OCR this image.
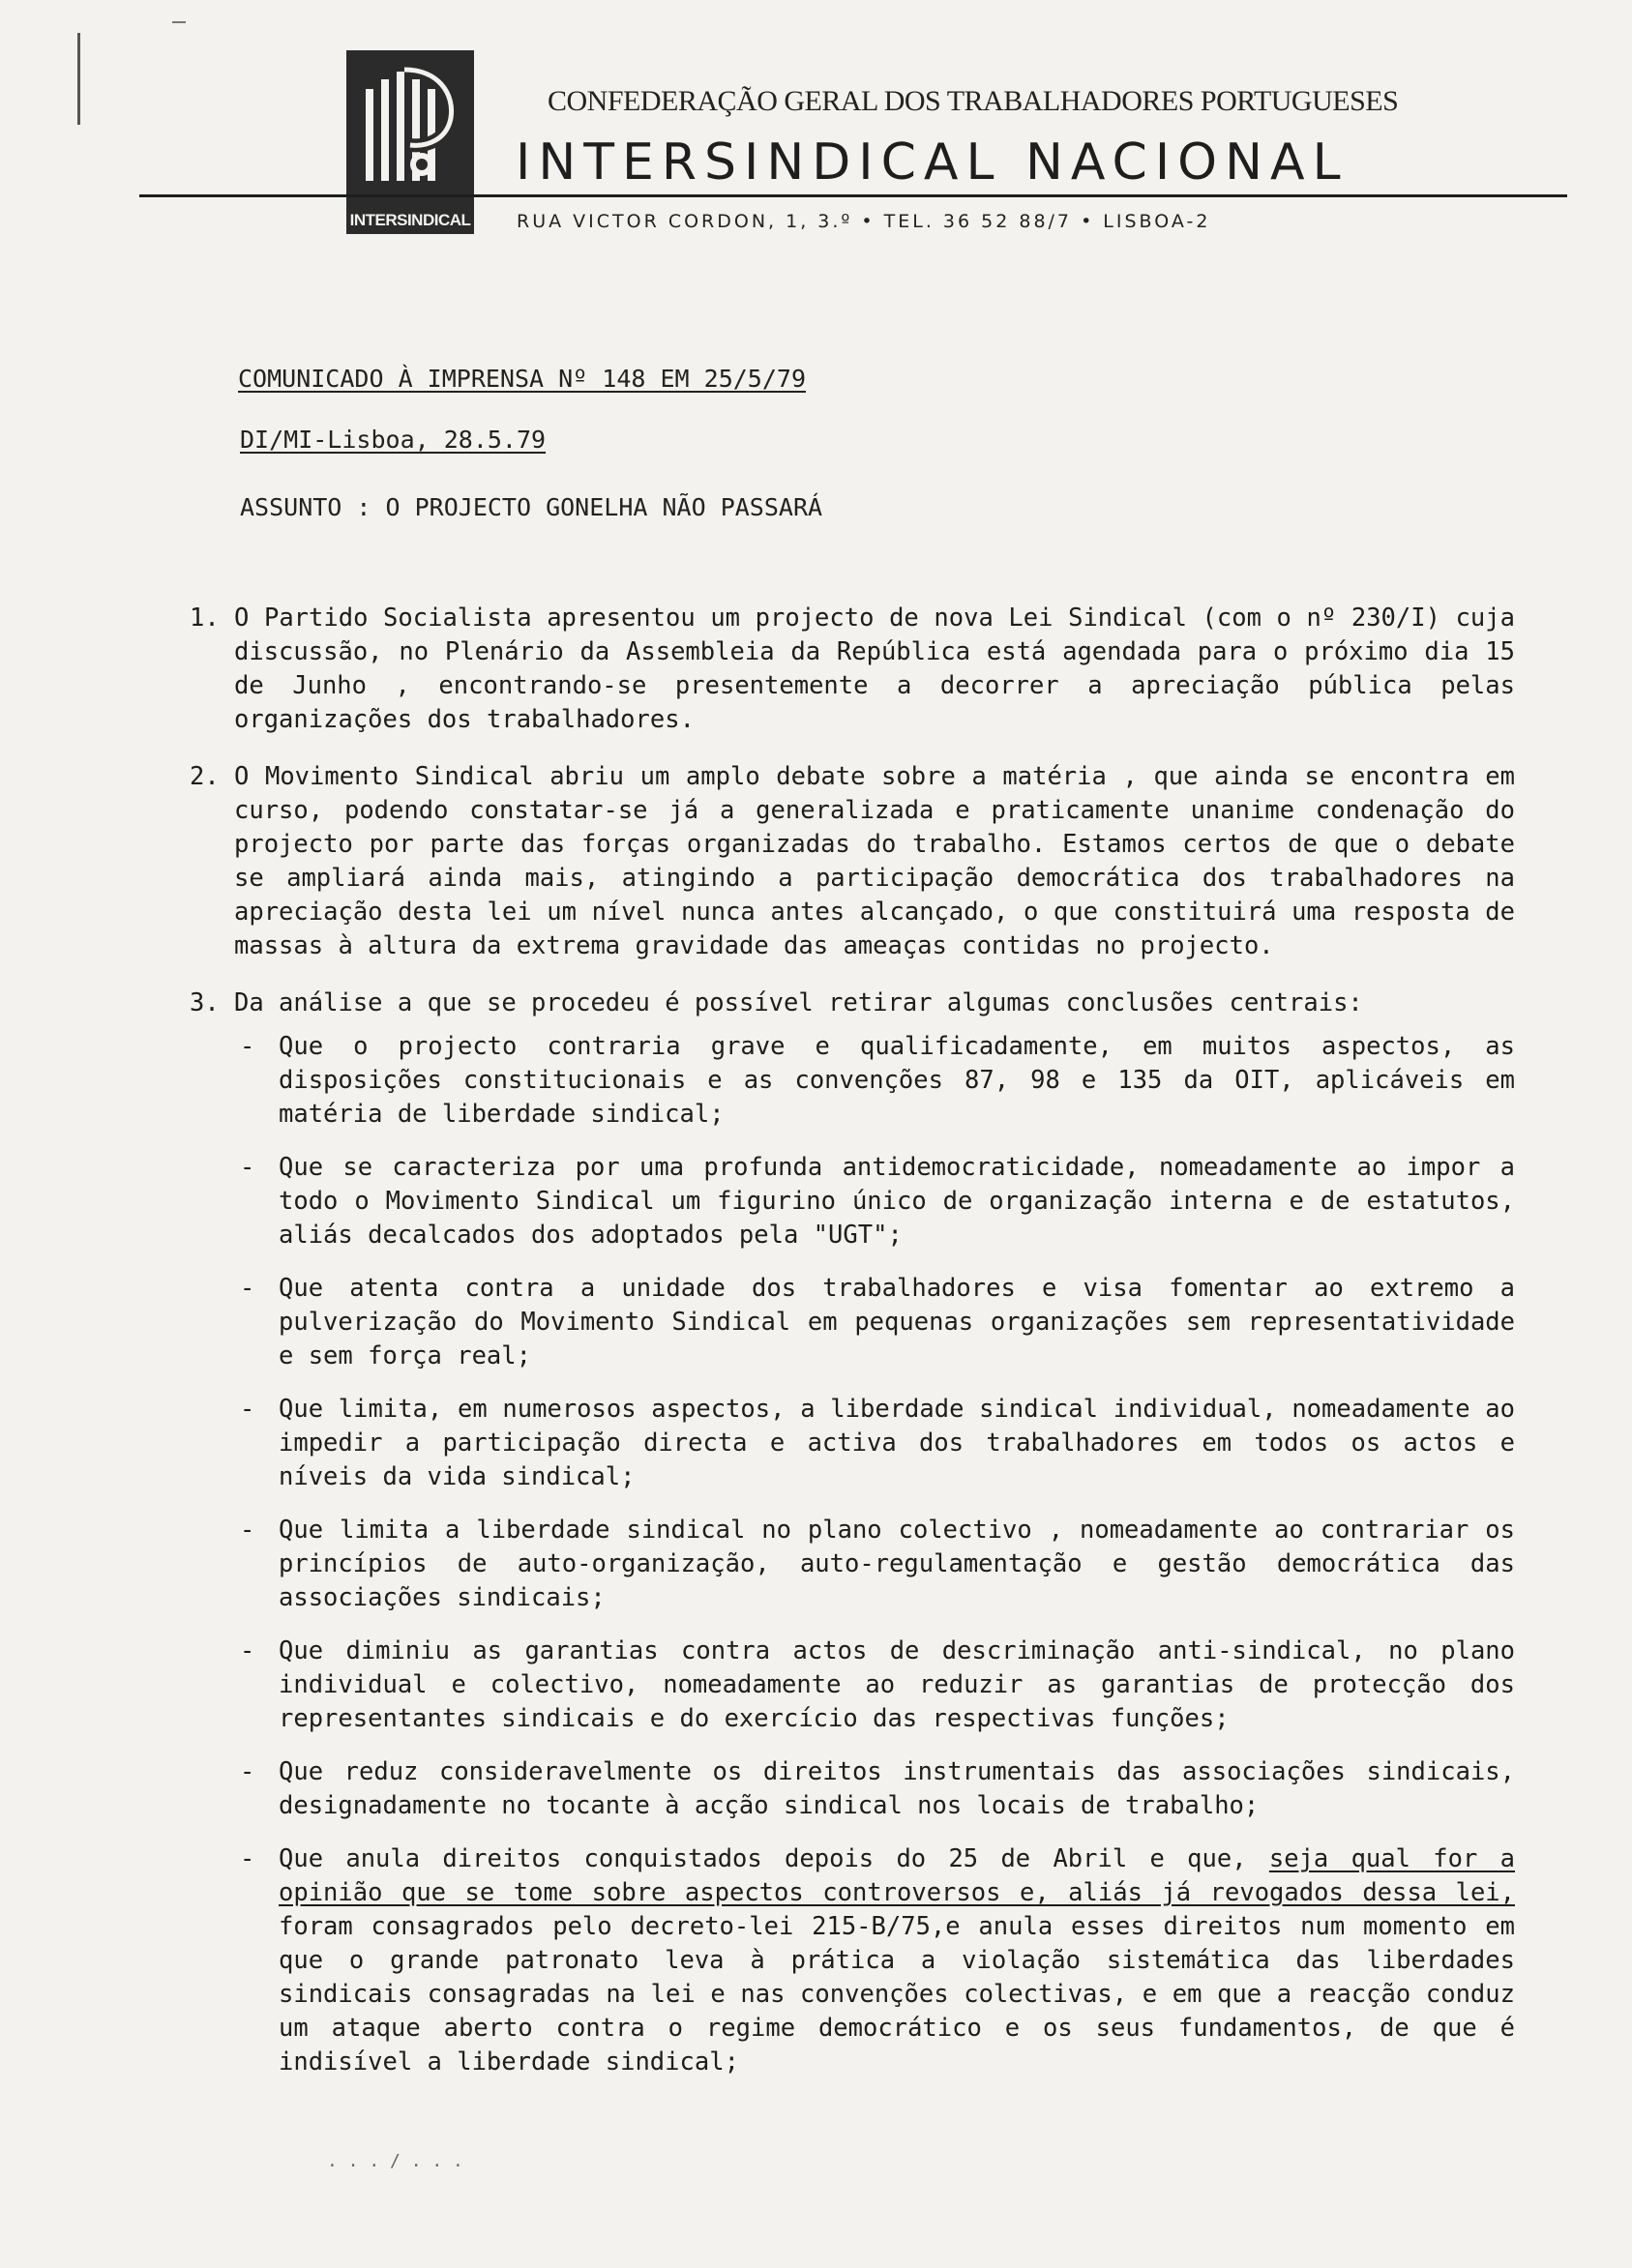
INTERSINDICAL
CONFEDERAÇÃO GERAL DOS TRABALHADORES PORTUGUESES
INTERSINDICAL NACIONAL
RUA VICTOR CORDON, 1, 3.º • TEL. 36 52 88/7 • LISBOA-2
COMUNICADO À IMPRENSA Nº 148 EM 25/5/79
DI/MI-Lisboa, 28.5.79
ASSUNTO : O PROJECTO GONELHA NÃO PASSARÁ
1. O Partido Socialista apresentou um projecto de nova Lei Sindical (com o nº 230/I) cuja discussão, no Plenário da Assembleia da República está agendada para o próximo dia 15 de Junho , encontrando-se presentemente a decorrer a apreciação pública pelas organizações dos trabalhadores.
2. O Movimento Sindical abriu um amplo debate sobre a matéria , que ainda se encontra em curso, podendo constatar-se já a generalizada e praticamente unanime condenação do projecto por parte das forças organizadas do trabalho. Estamos certos de que o debate se ampliará ainda mais, atingindo a participação democrática dos trabalhadores na apreciação desta lei um nível nunca antes alcançado, o que constituirá uma resposta de massas à altura da extrema gravidade das ameaças contidas no projecto.
3. Da análise a que se procedeu é possível retirar algumas conclusões centrais:
- Que o projecto contraria grave e qualificadamente, em muitos aspectos, as disposições constitucionais e as convenções 87, 98 e 135 da OIT, aplicáveis em matéria de liberdade sindical;
- Que se caracteriza por uma profunda antidemocraticidade, nomeadamente ao impor a todo o Movimento Sindical um figurino único de organização interna e de estatutos, aliás decalcados dos adoptados pela "UGT";
- Que atenta contra a unidade dos trabalhadores e visa fomentar ao extremo a pulverização do Movimento Sindical em pequenas organizações sem representatividade e sem força real;
- Que limita, em numerosos aspectos, a liberdade sindical individual, nomeadamente ao impedir a participação directa e activa dos trabalhadores em todos os actos e níveis da vida sindical;
- Que limita a liberdade sindical no plano colectivo , nomeadamente ao contrariar os princípios de auto-organização, auto-regulamentação e gestão democrática das associações sindicais;
- Que diminiu as garantias contra actos de descriminação anti-sindical, no plano individual e colectivo, nomeadamente ao reduzir as garantias de protecção dos representantes sindicais e do exercício das respectivas funções;
- Que reduz consideravelmente os direitos instrumentais das associações sindicais, designadamente no tocante à acção sindical nos locais de trabalho;
- Que anula direitos conquistados depois do 25 de Abril e que, seja qual for a opinião que se tome sobre aspectos controversos e, aliás já revogados dessa lei, foram consagrados pelo decreto-lei 215-B/75,e anula esses direitos num momento em que o grande patronato leva à prática a violação sistemática das liberdades sindicais consagradas na lei e nas convenções colectivas, e em que a reacção conduz um ataque aberto contra o regime democrático e os seus fundamentos, de que é indisível a liberdade sindical;
. . . / . . .
